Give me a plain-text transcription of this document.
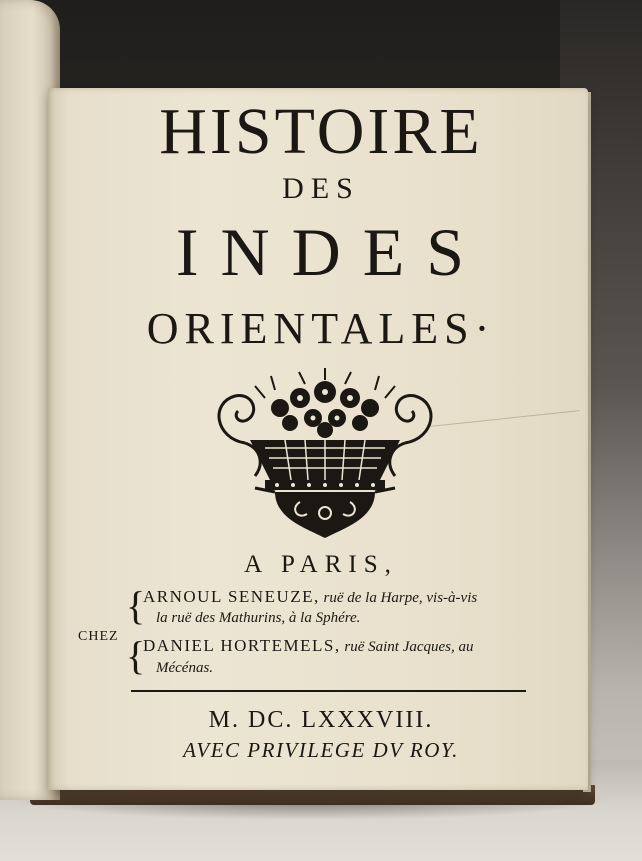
HISTOIRE
DES
INDES
ORIENTALES·
A PARIS,
CHEZ
{
{
ARNOUL SENEUZE, ruë de la Harpe, vis-à-vis
la ruë des Mathurins, à la Sphére.
DANIEL HORTEMELS, ruë Saint Jacques, au
Mécénas.
M. DC. LXXXVIII.
AVEC PRIVILEGE DV ROY.
